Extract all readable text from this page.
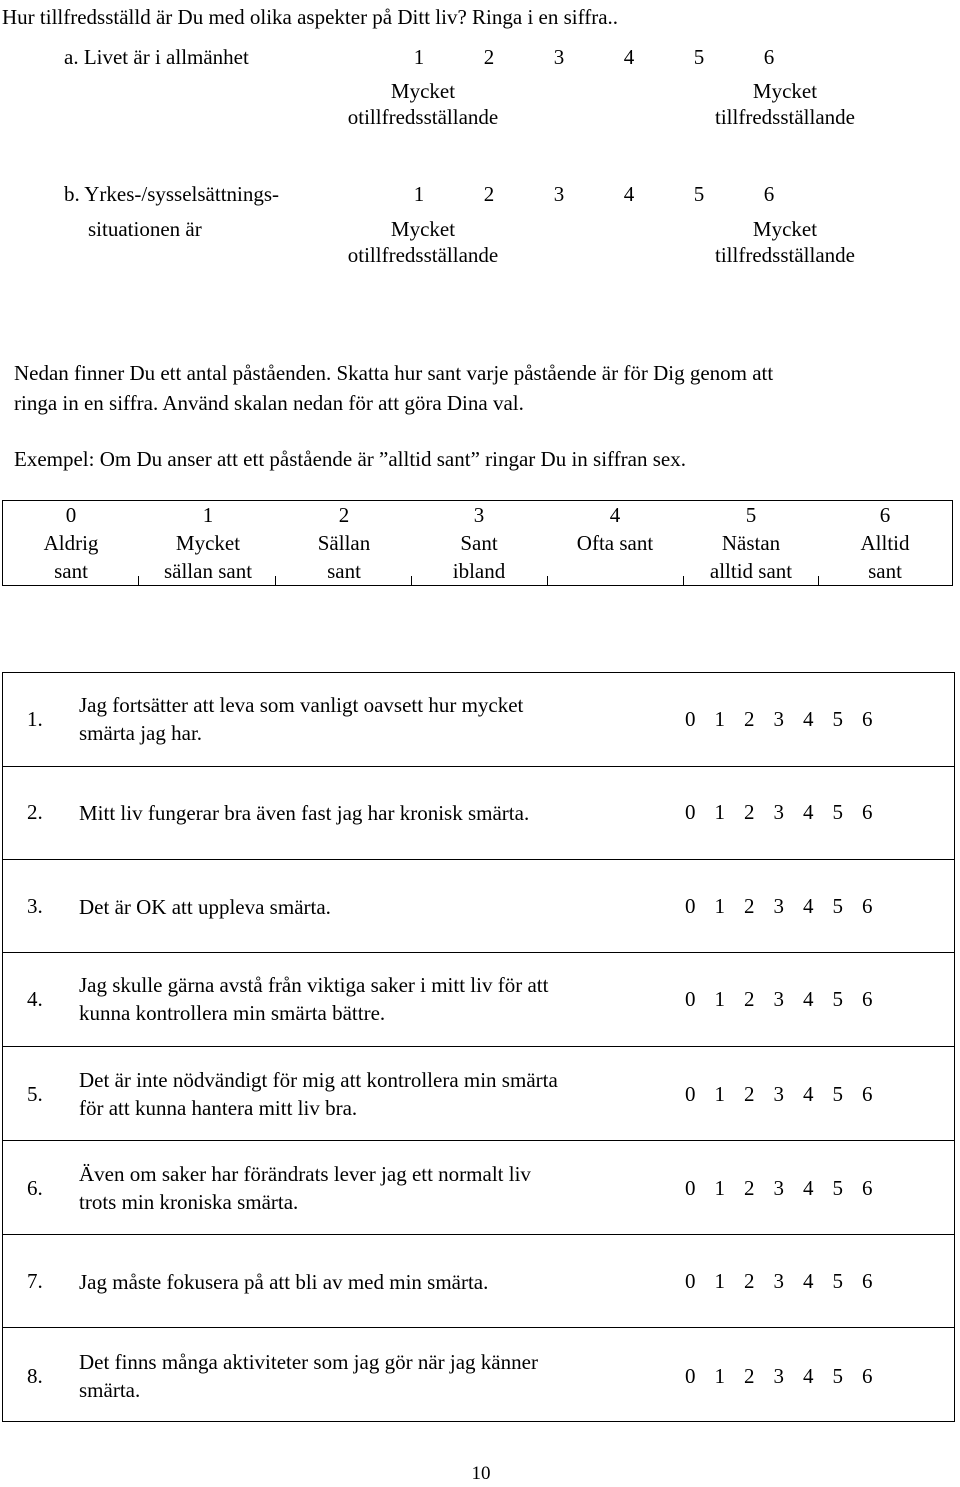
Hur tillfredsställd är Du med olika aspekter på Ditt liv? Ringa i en siffra..
a. Livet är i allmänhet	1	2	3	4	5	6
Mycket
otillfredsställande
Mycket
tillfredsställande
b. Yrkes-/sysselsättnings-
situationen är
1	2	3	4	5	6
Mycket
otillfredsställande
Mycket
tillfredsställande
Nedan finner Du ett antal påståenden. Skatta hur sant varje påstående är för Dig genom att
ringa in en siffra. Använd skalan nedan för att göra Dina val.
Exempel: Om Du anser att ett påstående är ”alltid sant” ringar Du in siffran sex.
0
Aldrig
sant
1
Mycket
sällan sant
2
Sällan
sant
3
Sant
ibland
4
Ofta sant
5
Nästan
alltid sant
6
Alltid
sant
1.
Jag fortsätter att leva som vanligt oavsett hur mycket
smärta jag har.
0 1 2 3 4 5 6
2. Mitt liv fungerar bra även fast jag har kronisk smärta.	0 1 2 3 4 5 6
3. Det är OK att uppleva smärta.	0 1 2 3 4 5 6
4.
Jag skulle gärna avstå från viktiga saker i mitt liv för att
kunna kontrollera min smärta bättre.
0 1 2 3 4 5 6
5.
Det är inte nödvändigt för mig att kontrollera min smärta
för att kunna hantera mitt liv bra.
0 1 2 3 4 5 6
6.
Även om saker har förändrats lever jag ett normalt liv
trots min kroniska smärta.
0 1 2 3 4 5 6
7. Jag måste fokusera på att bli av med min smärta.	0 1 2 3 4 5 6
8.
Det finns många aktiviteter som jag gör när jag känner
smärta.
0 1 2 3 4 5 6
10
